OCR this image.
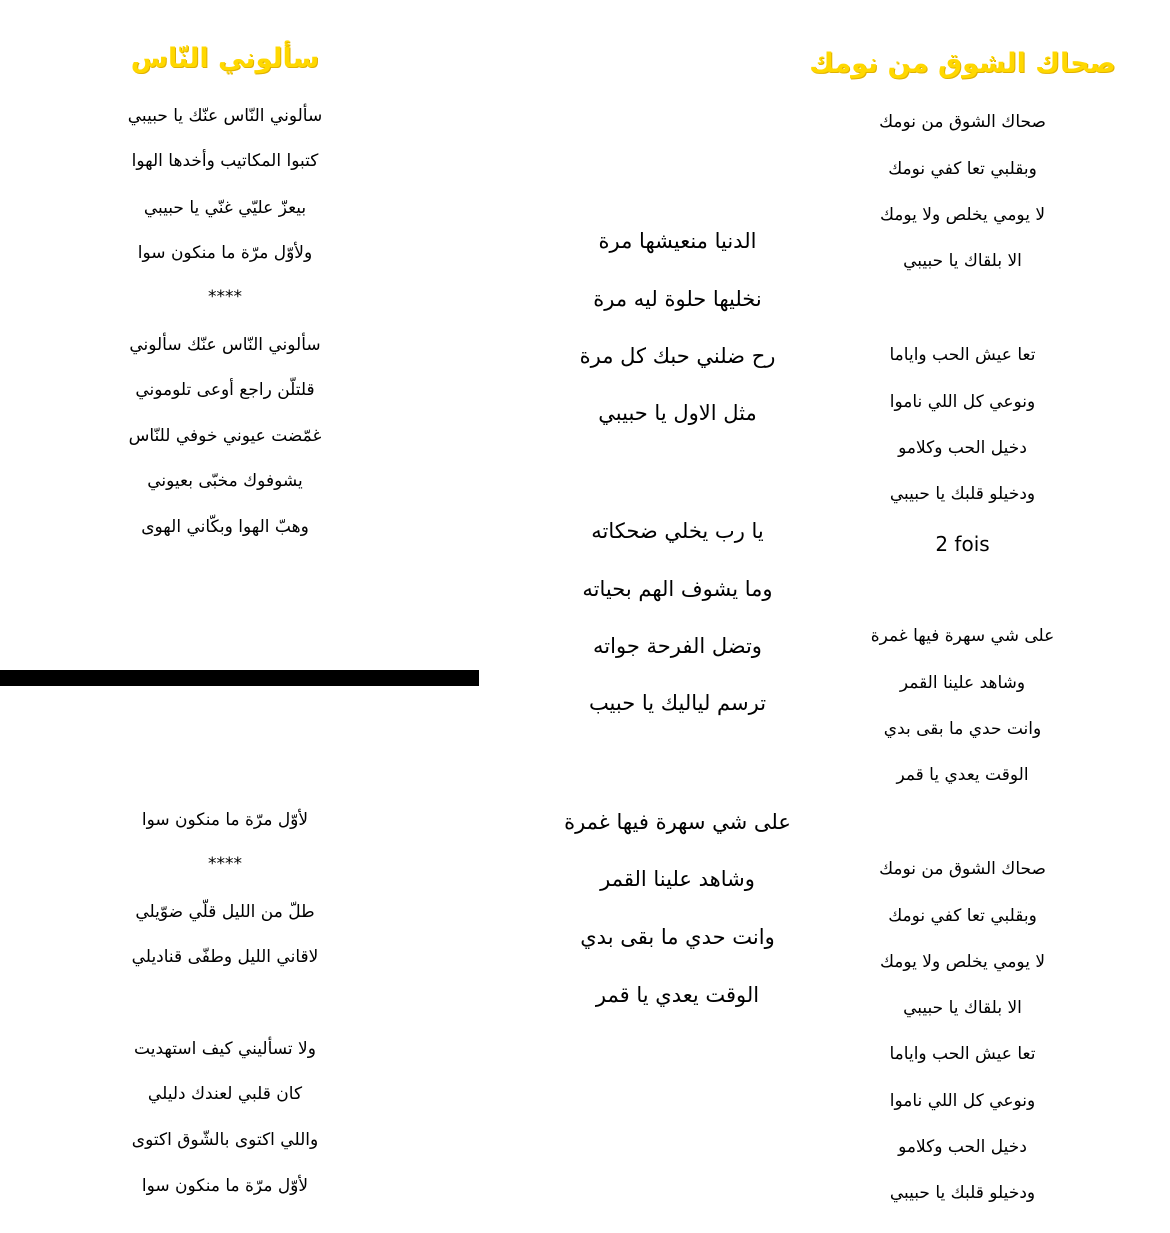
سألوني النّاس	صحاك الشوق من نومك
سألوني النّاس عنّك يا حبيبي
كتبوا المكاتيب وأخدها الهوا
بيعزّ عليّي غنّي يا حبيبي
ولأوّل مرّة ما منكون سوا
****
سألوني النّاس عنّك سألوني
قلتلّن راجع أوعى تلوموني
غمّضت عيوني خوفي للنّاس
يشوفوك مخبّى بعيوني
وهبّ الهوا وبكّاني الهوى
لأوّل مرّة ما منكون سوا
****
طلّ من الليل قلّي ضوّيلي
لاقاني الليل وطفّى قناديلي
ولا تسأليني كيف استهديت
كان قلبي لعندك دليلي
واللي اكتوى بالشّوق اكتوى
لأوّل مرّة ما منكون سوا
الدنيا منعيشها مرة
نخليها حلوة ليه مرة
رح ضلني حبك كل مرة
مثل الاول يا حبيبي
يا رب يخلي ضحكاته
وما يشوف الهم بحياته
وتضل الفرحة جواته
ترسم لياليك يا حبيب
على شي سهرة فيها غمرة
وشاهد علينا القمر
وانت حدي ما بقى بدي
الوقت يعدي يا قمر
صحاك الشوق من نومك
وبقلبي تعا كفي نومك
لا يومي يخلص ولا يومك
الا بلقاك يا حبيبي
تعا عيش الحب واياما
ونوعي كل اللي ناموا
دخيل الحب وكلامو
ودخيلو قلبك يا حبيبي
2 fois
على شي سهرة فيها غمرة
وشاهد علينا القمر
وانت حدي ما بقى بدي
الوقت يعدي يا قمر
صحاك الشوق من نومك
وبقلبي تعا كفي نومك
لا يومي يخلص ولا يومك
الا بلقاك يا حبيبي
تعا عيش الحب واياما
ونوعي كل اللي ناموا
دخيل الحب وكلامو
ودخيلو قلبك يا حبيبي
